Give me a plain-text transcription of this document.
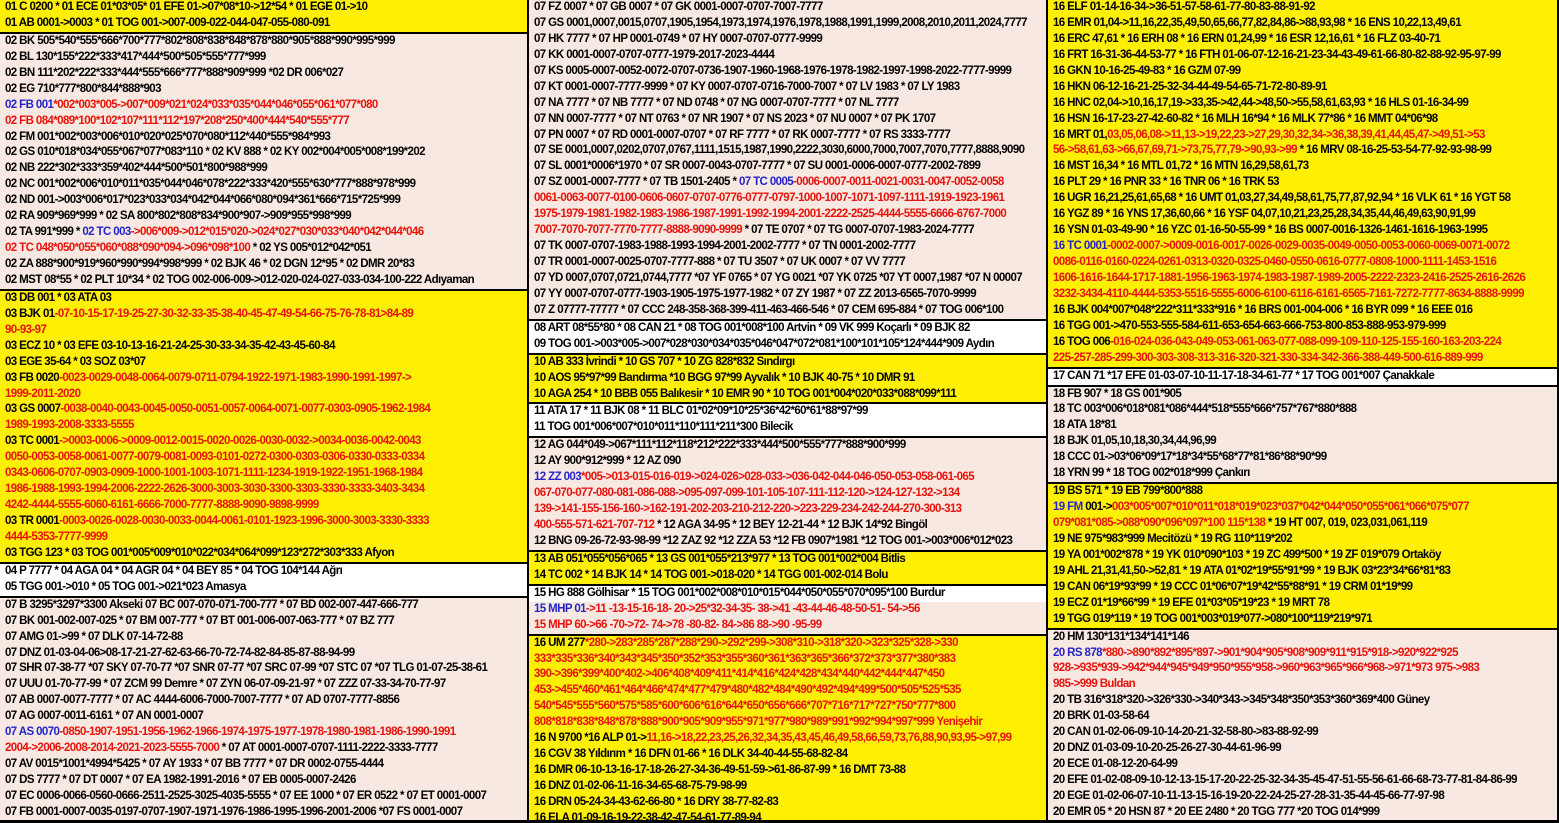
01 C 0200 * 01 ECE 01*03*05* 01 EFE 01->07*08*10->12*54 * 01 EGE 01->10
01 AB 0001->0003 * 01 TOG 001->007-009-022-044-047-055-080-091
02 BK 505*540*555*666*700*777*802*808*838*848*878*880*905*888*990*995*999
02 BL 130*155*222*333*417*444*500*505*555*777*999
02 BN 111*202*222*333*444*555*666*777*888*909*999 *02 DR 006*027
02 EG 710*777*800*844*888*903
02 FB 001*002*003*005->007*009*021*024*033*035*044*046*055*061*077*080
02 FB 084*089*100*102*107*111*112*197*208*250*400*444*540*555*777
02 FM 001*002*003*006*010*020*025*070*080*112*440*555*984*993
02 GS 010*018*034*055*067*077*083*110 * 02 KV 888 * 02 KY 002*004*005*008*199*202
02 NB 222*302*333*359*402*444*500*501*800*988*999
02 NC 001*002*006*010*011*035*044*046*078*222*333*420*555*630*777*888*978*999
02 ND 001->003*006*017*023*033*034*042*044*066*080*094*361*666*715*725*999
02 RA 909*969*999 * 02 SA 800*802*808*834*900*907->909*955*998*999
02 TA 991*999 * 02 TC 003->006*009->012*015*020->024*027*030*033*040*042*044*046
02 TC 048*050*055*060*088*090*094->096*098*100 * 02 YS 005*012*042*051
02 ZA 888*900*919*960*990*994*998*999 * 02 BJK 46 * 02 DGN 12*95 * 02 DMR 20*83
02 MST 08*55 * 02 PLT 10*34 * 02 TOG 002-006-009->012-020-024-027-033-034-100-222 Adıyaman
03 DB 001 * 03 ATA 03
03 BJK 01-07-10-15-17-19-25-27-30-32-33-35-38-40-45-47-49-54-66-75-76-78-81>84-89
90-93-97
03 ECZ 10 * 03 EFE 03-10-13-16-21-24-25-30-33-34-35-42-43-45-60-84
03 EGE 35-64 * 03 SOZ 03*07
03 FB 0020-0023-0029-0048-0064-0079-0711-0794-1922-1971-1983-1990-1991-1997->
1999-2011-2020
03 GS 0007-0038-0040-0043-0045-0050-0051-0057-0064-0071-0077-0303-0905-1962-1984
1989-1993-2008-3333-5555
03 TC 0001->0003-0006->0009-0012-0015-0020-0026-0030-0032->0034-0036-0042-0043
0050-0053-0058-0061-0077-0079-0081-0093-0101-0272-0300-0303-0306-0330-0333-0334
0343-0606-0707-0903-0909-1000-1001-1003-1071-1111-1234-1919-1922-1951-1968-1984
1986-1988-1993-1994-2006-2222-2626-3000-3003-3030-3300-3303-3330-3333-3403-3434
4242-4444-5555-6060-6161-6666-7000-7777-8888-9090-9898-9999
03 TR 0001-0003-0026-0028-0030-0033-0044-0061-0101-1923-1996-3000-3003-3330-3333
4444-5353-7777-9999
03 TGG 123 * 03 TOG 001*005*009*010*022*034*064*099*123*272*303*333 Afyon
04 P 7777 * 04 AGA 04 * 04 AGR 04 * 04 BEY 85 * 04 TOG 104*144 Ağrı
05 TGG 001->010 * 05 TOG 001->021*023 Amasya
07 B 3295*3297*3300 Akseki 07 BC 007-070-071-700-777 * 07 BD 002-007-447-666-777
07 BK 001-002-007-025 * 07 BM 007-777 * 07 BT 001-006-007-063-777 * 07 BZ 777
07 AMG 01->99 * 07 DLK 07-14-72-88
07 DNZ 01-03-04-06>08-17-21-27-62-63-66-70-72-74-82-84-85-87-88-94-99
07 SHR 07-38-77 *07 SKY 07-70-77 *07 SNR 07-77 *07 SRC 07-99 *07 STC 07 *07 TLG 01-07-25-38-61
07 UUU 01-70-77-99 * 07 ZCM 99 Demre * 07 ZYN 06-07-09-21-97 * 07 ZZZ 07-33-34-70-77-97
07 AB 0007-0077-7777 * 07 AC 4444-6006-7000-7007-7777 * 07 AD 0707-7777-8856
07 AG 0007-0011-6161 * 07 AN 0001-0007
07 AS 0070-0850-1907-1951-1956-1962-1966-1974-1975-1977-1978-1980-1981-1986-1990-1991
2004->2006-2008-2014-2021-2023-5555-7000 * 07 AT 0001-0007-0707-1111-2222-3333-7777
07 AV 0015*1001*4994*5425 * 07 AY 1933 * 07 BB 7777 * 07 DR 0002-0755-4444
07 DS 7777 * 07 DT 0007 * 07 EA 1982-1991-2016 * 07 EB 0005-0007-2426
07 EC 0006-0066-0560-0666-2511-2525-3025-4035-5555 * 07 EE 1000 * 07 ER 0522 * 07 ET 0001-0007
07 FB 0001-0007-0035-0197-0707-1907-1971-1976-1986-1995-1996-2001-2006 *07 FS 0001-0007
07 FZ 0007 * 07 GB 0007 * 07 GK 0001-0007-0707-7007-7777
07 GS 0001,0007,0015,0707,1905,1954,1973,1974,1976,1978,1988,1991,1999,2008,2010,2011,2024,7777
07 HK 7777 * 07 HP 0001-0749 * 07 HY 0007-0707-0777-9999
07 KK 0001-0007-0707-0777-1979-2017-2023-4444
07 KS 0005-0007-0052-0072-0707-0736-1907-1960-1968-1976-1978-1982-1997-1998-2022-7777-9999
07 KT 0001-0007-7777-9999 * 07 KY 0007-0707-0716-7000-7007 * 07 LV 1983 * 07 LY 1983
07 NA 7777 * 07 NB 7777 * 07 ND 0748 * 07 NG 0007-0707-7777 * 07 NL 7777
07 NN 0007-7777 * 07 NT 0763 * 07 NR 1907 * 07 NS 2023 * 07 NU 0007 * 07 PK 1707
07 PN 0007 * 07 RD 0001-0007-0707 * 07 RF 7777 * 07 RK 0007-7777 * 07 RS 3333-7777
07 SE 0001,0007,0202,0707,0767,1111,1515,1987,1990,2222,3030,6000,7000,7007,7070,7777,8888,9090
07 SL 0001*0006*1970 * 07 SR 0007-0043-0707-7777 * 07 SU 0001-0006-0007-0777-2002-7899
07 SZ 0001-0007-7777 * 07 TB 1501-2405 * 07 TC 0005-0006-0007-0011-0021-0031-0047-0052-0058
0061-0063-0077-0100-0606-0607-0707-0776-0777-0797-1000-1007-1071-1097-1111-1919-1923-1961
1975-1979-1981-1982-1983-1986-1987-1991-1992-1994-2001-2222-2525-4444-5555-6666-6767-7000
7007-7070-7077-7770-7777-8888-9090-9999 * 07 TE 0707 * 07 TG 0007-0707-1983-2024-7777
07 TK 0007-0707-1983-1988-1993-1994-2001-2002-7777 * 07 TN 0001-2002-7777
07 TR 0001-0007-0025-0707-7777-888 * 07 TU 3507 * 07 UK 0007 * 07 VV 7777
07 YD 0007,0707,0721,0744,7777 *07 YF 0765 * 07 YG 0021 *07 YK 0725 *07 YT 0007,1987 *07 N 00007
07 YY 0007-0707-0777-1903-1905-1975-1977-1982 * 07 ZY 1987 * 07 ZZ 2013-6565-7070-9999
07 Z 07777-77777 * 07 CCC 248-358-368-399-411-463-466-546 * 07 CEM 695-884 * 07 TOG 006*100
08 ART 08*55*80 * 08 CAN 21 * 08 TOG 001*008*100 Artvin * 09 VK 999 Koçarlı * 09 BJK 82
09 TOG 001->003*005->007*028*030*034*035*046*047*072*081*100*101*105*124*444*909 Aydın
10 AB 333 İvrindi * 10 GS 707 * 10 ZG 828*832 Sındırgı
10 AOS 95*97*99 Bandırma *10 BGG 97*99 Ayvalık * 10 BJK 40-75 * 10 DMR 91
10 AGA 254 * 10 BBB 055 Balıkesir * 10 EMR 90 * 10 TOG 001*004*020*033*088*099*111
11 ATA 17 * 11 BJK 08 * 11 BLC 01*02*09*10*25*36*42*60*61*88*97*99
11 TOG 001*006*007*010*011*110*111*211*300 Bilecik
12 AG 044*049->067*111*112*118*212*222*333*444*500*555*777*888*900*999
12 AY 900*912*999 * 12 AZ 090
12 ZZ 003*005->013-015-016-019->024-026>028-033->036-042-044-046-050-053-058-061-065
067-070-077-080-081-086-088->095-097-099-101-105-107-111-112-120->124-127-132->134
139->141-155-156-160->162-191-202-203-210-212-220->223-229-234-242-244-270-300-313
400-555-571-621-707-712 * 12 AGA 34-95 * 12 BEY 12-21-44 * 12 BJK 14*92 Bingöl
12 BNG 09-26-72-93-98-99 *12 ZAZ 92 *12 ZZA 53 *12 FB 0907*1981 *12 TOG 001->003*006*012*023
13 AB 051*055*056*065 * 13 GS 001*055*213*977 * 13 TOG 001*002*004 Bitlis
14 TC 002 * 14 BJK 14 * 14 TOG 001->018-020 * 14 TGG 001-002-014 Bolu
15 HG 888 Gölhisar * 15 TOG 001*002*008*010*015*044*050*055*070*095*100 Burdur
15 MHP 01->11 -13-15-16-18- 20->25*32-34-35- 38->41 -43-44-46-48-50-51- 54->56
15 MHP 60->66 -70->72- 74->78 -80-82- 84->86 88->90 -95-99
16 UM 277*280->283*285*287*288*290->292*299->308*310->318*320->323*325*328->330
333*335*336*340*343*345*350*352*353*355*360*361*363*365*366*372*373*377*380*383
390->396*399*400*402->406*408*409*411*414*416*424*428*434*440*442*444*447*450
453->455*460*461*464*466*474*477*479*480*482*484*490*492*494*499*500*505*525*535
540*545*555*560*575*585*600*606*616*644*650*656*666*707*716*717*727*750*777*800
808*818*838*848*878*888*900*905*909*955*971*977*980*989*991*992*994*997*999 Yenişehir
16 N 9700 *16 ALP 01->11,16->18,22,23,25,26,32,34,35,43,45,46,49,58,66,59,73,76,88,90,93,95->97,99
16 CGV 38 Yıldırım * 16 DFN 01-66 * 16 DLK 34-40-44-55-68-82-84
16 DMR 06-10-13-16-17-18-26-27-34-36-49-51-59->61-86-87-99 * 16 DMT 73-88
16 DNZ 01-02-06-11-16-34-65-68-75-79-98-99
16 DRN 05-24-34-43-62-66-80 * 16 DRY 38-77-82-83
16 ELA 01-09-16-19-22-38-42-47-54-61-77-89-94
16 ELF 01-14-16-34->36-51-57-58-61-77-80-83-88-91-92
16 EMR 01,04->11,16,22,35,49,50,65,66,77,82,84,86->88,93,98 * 16 ENS 10,22,13,49,61
16 ERC 47,61 * 16 ERH 08 * 16 ERN 01,24,99 * 16 ESR 12,16,61 * 16 FLZ 03-40-71
16 FRT 16-31-36-44-53-77 * 16 FTH 01-06-07-12-16-21-23-34-43-49-61-66-80-82-88-92-95-97-99
16 GKN 10-16-25-49-83 * 16 GZM 07-99
16 HKN 06-12-16-21-25-32-34-44-49-54-65-71-72-80-89-91
16 HNC 02,04->10,16,17,19->33,35->42,44->48,50->55,58,61,63,93 * 16 HLS 01-16-34-99
16 HSN 16-17-23-27-42-60-82 * 16 MLH 16*94 * 16 MLK 77*86 * 16 MMT 04*06*98
16 MRT 01,03,05,06,08->11,13->19,22,23->27,29,30,32,34->36,38,39,41,44,45,47->49,51->53
56->58,61,63->66,67,69,71->73,75,77,79->90,93->99 * 16 MRV 08-16-25-53-54-77-92-93-98-99
16 MST 16,34 * 16 MTL 01,72 * 16 MTN 16,29,58,61,73
16 PLT 29 * 16 PNR 33 * 16 TNR 06 * 16 TRK 53
16 UGR 16,21,25,61,65,68 * 16 UMT 01,03,27,34,49,58,61,75,77,87,92,94 * 16 VLK 61 * 16 YGT 58
16 YGZ 89 * 16 YNS 17,36,60,66 * 16 YSF 04,07,10,21,23,25,28,34,35,44,46,49,63,90,91,99
16 YSN 01-03-49-90 * 16 YZC 01-16-50-55-99 * 16 BS 0007-0016-1326-1461-1616-1963-1995
16 TC 0001-0002-0007->0009-0016-0017-0026-0029-0035-0049-0050-0053-0060-0069-0071-0072
0086-0116-0160-0224-0261-0313-0320-0325-0460-0550-0616-0777-0808-1000-1111-1453-1516
1606-1616-1644-1717-1881-1956-1963-1974-1983-1987-1989-2005-2222-2323-2416-2525-2616-2626
3232-3434-4110-4444-5353-5516-5555-6006-6100-6116-6161-6565-7161-7272-7777-8634-8888-9999
16 BJK 004*007*048*222*311*333*916 * 16 BRS 001-004-006 * 16 BYR 099 * 16 EEE 016
16 TGG 001->470-553-555-584-611-653-654-663-666-753-800-853-888-953-979-999
16 TOG 006-016-024-036-043-049-053-061-063-077-088-099-109-110-125-155-160-163-203-224
225-257-285-299-300-303-308-313-316-320-321-330-334-342-366-388-449-500-616-889-999
17 CAN 71 *17 EFE 01-03-07-10-11-17-18-34-61-77 * 17 TOG 001*007 Çanakkale
18 FB 907 * 18 GS 001*905
18 TC 003*006*018*081*086*444*518*555*666*757*767*880*888
18 ATA 18*81
18 BJK 01,05,10,18,30,34,44,96,99
18 CCC 01->03*06*09*17*18*34*55*68*77*81*86*88*90*99
18 YRN 99 * 18 TOG 002*018*999 Çankırı
19 BS 571 * 19 EB 799*800*888
19 FM 001->003*005*007*010*011*018*019*023*037*042*044*050*055*061*066*075*077
079*081*085->088*090*096*097*100 115*138 * 19 HT 007, 019, 023,031,061,119
19 NE 975*983*999 Mecitözü * 19 RG 110*119*202
19 YA 001*002*878 * 19 YK 010*090*103 * 19 ZC 499*500 * 19 ZF 019*079 Ortaköy
19 AHL 21,31,41,50->52,81 * 19 ATA 01*02*19*55*91*99 * 19 BJK 03*23*34*66*81*83
19 CAN 06*19*93*99 * 19 CCC 01*06*07*19*42*55*88*91 * 19 CRM 01*19*99
19 ECZ 01*19*66*99 * 19 EFE 01*03*05*19*23 * 19 MRT 78
19 TGG 019*119 * 19 TOG 001*003*019*077->080*100*119*219*971
20 HM 130*131*134*141*146
20 RS 878*880->890*892*895*897->901*904*905*908*909*911*915*918->920*922*925
928->935*939->942*944*945*949*950*955*958->960*963*965*966*968->971*973 975->983
985->999 Buldan
20 TB 316*318*320->326*330->340*343->345*348*350*353*360*369*400 Güney
20 BRK 01-03-58-64
20 CAN 01-02-06-09-10-14-20-21-32-58-80->83-88-92-99
20 DNZ 01-03-09-10-20-25-26-27-30-44-61-96-99
20 ECE 01-08-12-20-64-99
20 EFE 01-02-08-09-10-12-13-15-17-20-22-25-32-34-35-45-47-51-55-56-61-66-68-73-77-81-84-86-99
20 EGE 01-02-06-07-10-11-13-15-16-19-20-22-24-25-27-28-31-35-44-45-66-77-97-98
20 EMR 05 * 20 HSN 87 * 20 EE 2480 * 20 TGG 777 *20 TOG 014*999
